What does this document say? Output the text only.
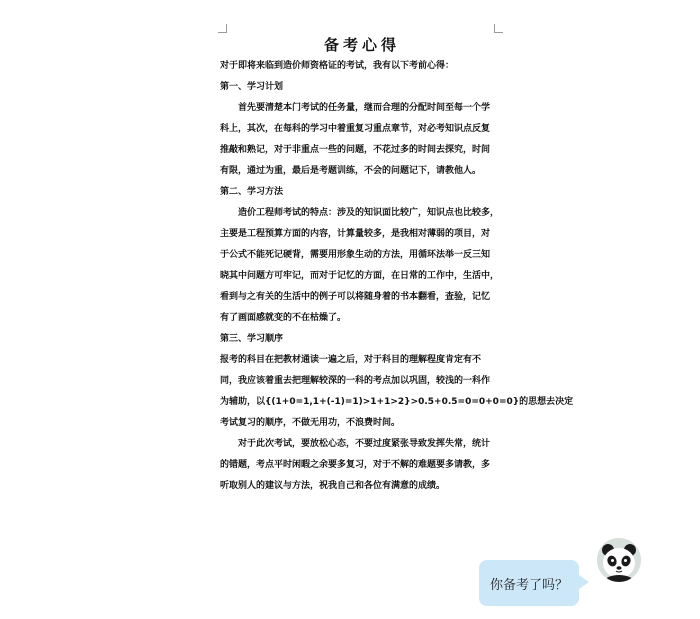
备考心得
对于即将来临到造价师资格证的考试，我有以下考前心得：
第一、学习计划
首先要清楚本门考试的任务量，继而合理的分配时间至每一个学
科上，其次，在每科的学习中着重复习重点章节，对必考知识点反复
推敲和熟记，对于非重点一些的问题，不花过多的时间去探究，时间
有限，通过为重，最后是考题训练，不会的问题记下，请教他人。
第二、学习方法
造价工程师考试的特点：涉及的知识面比较广，知识点也比较多，
主要是工程预算方面的内容，计算量较多，是我相对薄弱的项目，对
于公式不能死记硬背，需要用形象生动的方法，用循环法举一反三知
晓其中问题方可牢记，而对于记忆的方面，在日常的工作中，生活中，
看到与之有关的生活中的例子可以将随身着的书本翻看，查验，记忆
有了画面感就变的不在枯燥了。
第三、学习顺序
报考的科目在把教材通读一遍之后，对于科目的理解程度肯定有不
同，我应该着重去把理解较深的一科的考点加以巩固，较浅的一科作
为辅助，以{(1+0=1,1+(-1)=1)>1+1>2}>0.5+0.5=0=0+0=0}的思想去决定
考试复习的顺序，不做无用功，不浪费时间。
对于此次考试，要放松心态，不要过度紧张导致发挥失常，统计
的错题，考点平时闲暇之余要多复习，对于不解的难题要多请教，多
听取别人的建议与方法，祝我自己和各位有满意的成绩。
你备考了吗？
